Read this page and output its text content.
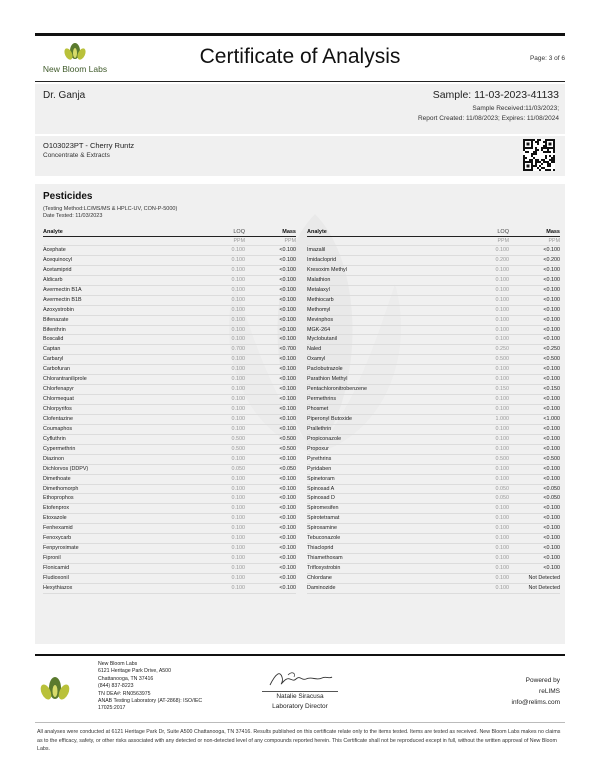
New Bloom Labs
Certificate of Analysis	Page: 3 of 6
Dr. Ganja	Sample: 11-03-2023-41133
Sample Received:11/03/2023;
Report Created: 11/08/2023; Expires: 11/08/2024
O103023PT - Cherry Runtz
Concentrate & Extracts
Pesticides
(Testing Method:LC/MS/MS & HPLC-UV, CON-P-5000)
Date Tested: 11/03/2023
Analyte	LOQ	Mass
PPM	PPM
Acephate	0.100	<0.100
Acequinocyl	0.100	<0.100
Acetamiprid	0.100	<0.100
Aldicarb	0.100	<0.100
Avermectin B1A	0.100	<0.100
Avermectin B1B	0.100	<0.100
Azoxystrobin	0.100	<0.100
Bifenazate	0.100	<0.100
Bifenthrin	0.100	<0.100
Boscalid	0.100	<0.100
Captan	0.700	<0.700
Carbaryl	0.100	<0.100
Carbofuran	0.100	<0.100
Chlorantraniliprole	0.100	<0.100
Chlorfenapyr	0.100	<0.100
Chlormequat	0.100	<0.100
Chlorpyrifos	0.100	<0.100
Clofentazine	0.100	<0.100
Coumaphos	0.100	<0.100
Cyfluthrin	0.500	<0.500
Cypermethrin	0.500	<0.500
Diazinon	0.100	<0.100
Dichlorvos (DDPV)	0.050	<0.050
Dimethoate	0.100	<0.100
Dimethomorph	0.100	<0.100
Ethoprophos	0.100	<0.100
Etofenprox	0.100	<0.100
Etoxazole	0.100	<0.100
Fenhexamid	0.100	<0.100
Fenoxycarb	0.100	<0.100
Fenpyroximate	0.100	<0.100
Fipronil	0.100	<0.100
Flonicamid	0.100	<0.100
Fludioxonil	0.100	<0.100
Hexythiazox	0.100	<0.100
Analyte	LOQ	Mass
PPM	PPM
Imazalil	0.100	<0.100
Imidacloprid	0.200	<0.200
Kresoxim Methyl	0.100	<0.100
Malathion	0.100	<0.100
Metalaxyl	0.100	<0.100
Methiocarb	0.100	<0.100
Methomyl	0.100	<0.100
Mevinphos	0.100	<0.100
MGK-264	0.100	<0.100
Myclobutanil	0.100	<0.100
Naled	0.250	<0.250
Oxamyl	0.500	<0.500
Paclobutrazole	0.100	<0.100
Parathion Methyl	0.100	<0.100
Pentachloronitrobenzene	0.150	<0.150
Permethrins	0.100	<0.100
Phosmet	0.100	<0.100
Piperonyl Butoxide	1.000	<1.000
Prallethrin	0.100	<0.100
Propiconazole	0.100	<0.100
Propoxur	0.100	<0.100
Pyrethrins	0.500	<0.500
Pyridaben	0.100	<0.100
Spinetoram	0.100	<0.100
Spinosad A	0.050	<0.050
Spinosad D	0.050	<0.050
Spiromesifen	0.100	<0.100
Spirotetramat	0.100	<0.100
Spiroxamine	0.100	<0.100
Tebuconazole	0.100	<0.100
Thiacloprid	0.100	<0.100
Thiamethoxam	0.100	<0.100
Trifloxystrobin	0.100	<0.100
Chlordane	0.100	Not Detected
Daminozide	0.100	Not Detected
New Bloom Labs
6121 Heritage Park Drive, A500
Chattanooga, TN 37416
(844) 837-8223
TN DEA#: RN0563975
ANAB Testing Laboratory (AT-2868): ISO/IEC
17025:2017
Natalie Siracusa
Laboratory Director
Powered by
reLIMS
info@relims.com
All analyses were conducted at 6121 Heritage Park Dr, Suite A500 Chattanooga, TN 37416. Results published on this certificate relate only to the items tested. Items are tested as received. New Bloom Labs makes no claims as to the efficacy, safety, or other risks associated with any detected or non-detected level of any compounds reported herein. This Certificate shall not be reproduced except in full, without the written approval of New Bloom Labs.
